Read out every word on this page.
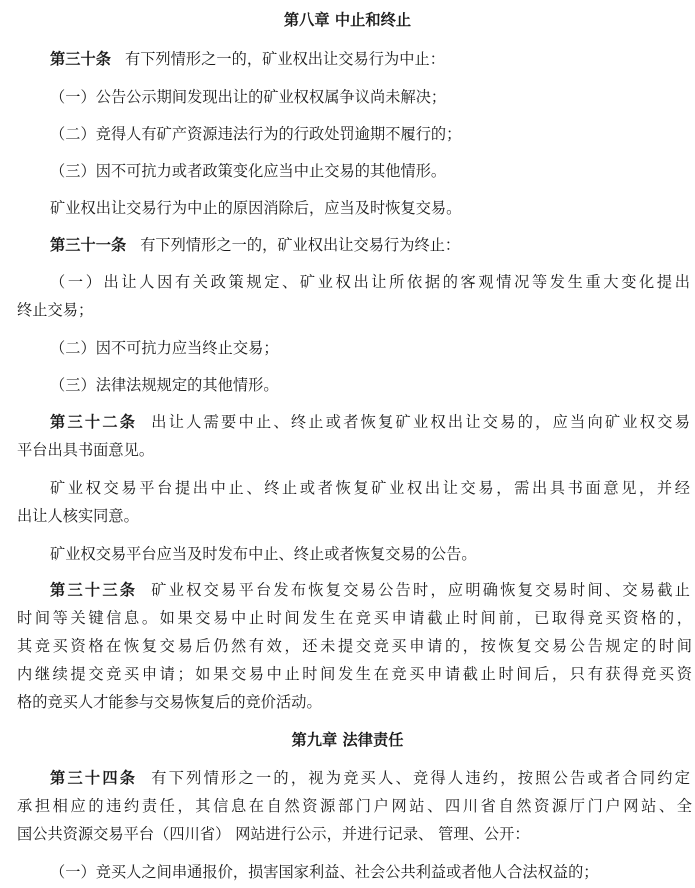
第八章 中止和终止
第三十条 有下列情形之一的，矿业权出让交易行为中止：
（一）公告公示期间发现出让的矿业权权属争议尚未解决；
（二）竞得人有矿产资源违法行为的行政处罚逾期不履行的；
（三）因不可抗力或者政策变化应当中止交易的其他情形。
矿业权出让交易行为中止的原因消除后，应当及时恢复交易。
第三十一条 有下列情形之一的，矿业权出让交易行为终止：
（一）出让人因有关政策规定、矿业权出让所依据的客观情况等发生重大变化提出
终止交易；
（二）因不可抗力应当终止交易；
（三）法律法规规定的其他情形。
第三十二条 出让人需要中止、终止或者恢复矿业权出让交易的，应当向矿业权交易
平台出具书面意见。
矿业权交易平台提出中止、终止或者恢复矿业权出让交易，需出具书面意见，并经
出让人核实同意。
矿业权交易平台应当及时发布中止、终止或者恢复交易的公告。
第三十三条 矿业权交易平台发布恢复交易公告时，应明确恢复交易时间、交易截止
时间等关键信息。如果交易中止时间发生在竞买申请截止时间前，已取得竞买资格的，
其竞买资格在恢复交易后仍然有效，还未提交竞买申请的，按恢复交易公告规定的时间
内继续提交竞买申请；如果交易中止时间发生在竞买申请截止时间后，只有获得竞买资
格的竞买人才能参与交易恢复后的竞价活动。
第九章 法律责任
第三十四条 有下列情形之一的，视为竞买人、竞得人违约，按照公告或者合同约定
承担相应的违约责任，其信息在自然资源部门户网站、四川省自然资源厅门户网站、全
国公共资源交易平台（四川省） 网站进行公示，并进行记录、 管理、公开：
（一）竞买人之间串通报价，损害国家利益、社会公共利益或者他人合法权益的；
